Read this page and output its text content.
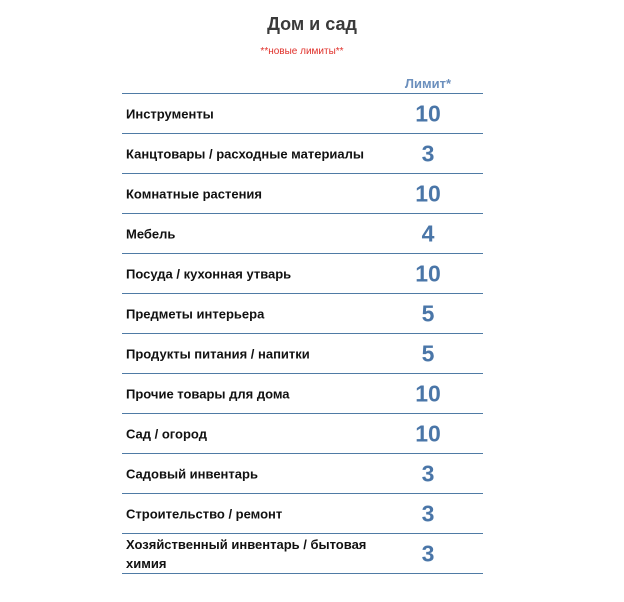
Дом и сад
**новые лимиты**
Лимит*
Инструменты	10
Канцтовары / расходные материалы	3
Комнатные растения	10
Мебель	4
Посуда / кухонная утварь	10
Предметы интерьера	5
Продукты питания / напитки	5
Прочие товары для дома	10
Сад / огород	10
Садовый инвентарь	3
Строительство / ремонт	3
Хозяйственный инвентарь / бытовая химия	3
